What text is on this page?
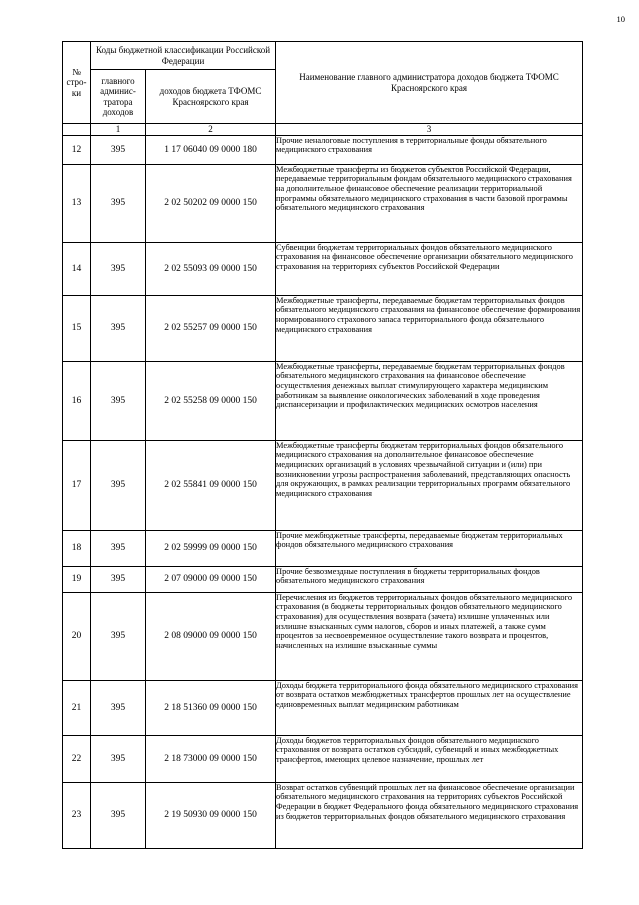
10
№ стро-ки	Коды бюджетной классификации Российской Федерации		Наименование главного администратора доходов бюджета ТФОМС Красноярского края
	главного админис-тратора доходов	доходов бюджета ТФОМС Красноярского края	
	1	2	3
12	395	1 17 06040 09 0000 180	Прочие неналоговые поступления в территориальные фонды обязательного медицинского страхования
13	395	2 02 50202 09 0000 150	Межбюджетные трансферты из бюджетов субъектов Российской Федерации, передаваемые территориальным фондам обязательного медицинского страхования на дополнительное финансовое обеспечение реализации территориальной программы обязательного медицинского страхования в части базовой программы обязательного медицинского страхования
14	395	2 02 55093 09 0000 150	Субвенции бюджетам территориальных фондов обязательного медицинского страхования на финансовое обеспечение организации обязательного медицинского страхования на территориях субъектов Российской Федерации
15	395	2 02 55257 09 0000 150	Межбюджетные трансферты, передаваемые бюджетам территориальных фондов обязательного медицинского страхования на финансовое обеспечение формирования нормированного страхового запаса территориального фонда обязательного медицинского страхования
16	395	2 02 55258 09 0000 150	Межбюджетные трансферты, передаваемые бюджетам территориальных фондов обязательного медицинского страхования на финансовое обеспечение осуществления денежных выплат стимулирующего характера медицинским работникам за выявление онкологических заболеваний в ходе проведения диспансеризации и профилактических медицинских осмотров населения
17	395	2 02 55841 09 0000 150	Межбюджетные трансферты бюджетам территориальных фондов обязательного медицинского страхования на дополнительное финансовое обеспечение медицинских организаций в условиях чрезвычайной ситуации и (или) при возникновении угрозы распространения заболеваний, представляющих опасность для окружающих, в рамках реализации территориальных программ обязательного медицинского страхования
18	395	2 02 59999 09 0000 150	Прочие межбюджетные трансферты, передаваемые бюджетам территориальных фондов обязательного медицинского страхования
19	395	2 07 09000 09 0000 150	Прочие безвозмездные поступления в бюджеты территориальных фондов обязательного медицинского страхования
20	395	2 08 09000 09 0000 150	Перечисления из бюджетов территориальных фондов обязательного медицинского страхования (в бюджеты территориальных фондов обязательного медицинского страхования) для осуществления возврата (зачета) излишне уплаченных или излишне взысканных сумм налогов, сборов и иных платежей, а также сумм процентов за несвоевременное осуществление такого возврата и процентов, начисленных на излишне взысканные суммы
21	395	2 18 51360 09 0000 150	Доходы бюджета территориального фонда обязательного медицинского страхования от возврата остатков межбюджетных трансфертов прошлых лет на осуществление единовременных выплат медицинским работникам
22	395	2 18 73000 09 0000 150	Доходы бюджетов территориальных фондов обязательного медицинского страхования от возврата остатков субсидий, субвенций и иных межбюджетных трансфертов, имеющих целевое назначение, прошлых лет
23	395	2 19 50930 09 0000 150	Возврат остатков субвенций прошлых лет на финансовое обеспечение организации обязательного медицинского страхования на территориях субъектов Российской Федерации в бюджет Федерального фонда обязательного медицинского страхования из бюджетов территориальных фондов обязательного медицинского страхования
